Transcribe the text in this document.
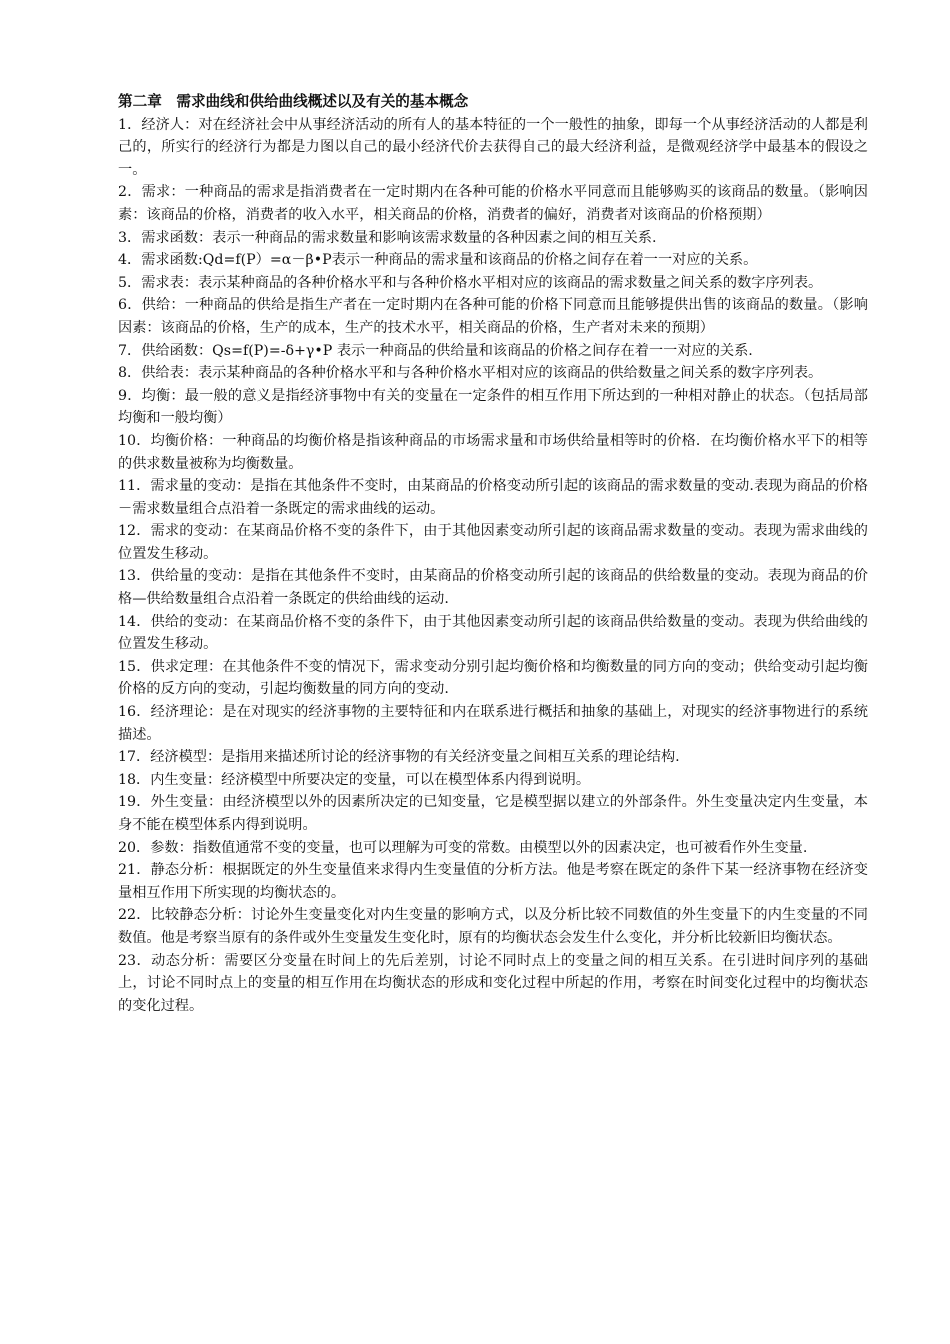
第二章　需求曲线和供给曲线概述以及有关的基本概念

1．经济人：对在经济社会中从事经济活动的所有人的基本特征的一个一般性的抽象，即每一个从事经济活动的人都是利己的，所实行的经济行为都是力图以自己的最小经济代价去获得自己的最大经济利益，是微观经济学中最基本的假设之一。

2．需求：一种商品的需求是指消费者在一定时期内在各种可能的价格水平同意而且能够购买的该商品的数量。（影响因素：该商品的价格，消费者的收入水平，相关商品的价格，消费者的偏好，消费者对该商品的价格预期）

3．需求函数：表示一种商品的需求数量和影响该需求数量的各种因素之间的相互关系.

4．需求函数:Qd=f(P）=α－β•P表示一种商品的需求量和该商品的价格之间存在着一一对应的关系。

5．需求表：表示某种商品的各种价格水平和与各种价格水平相对应的该商品的需求数量之间关系的数字序列表。

6．供给：一种商品的供给是指生产者在一定时期内在各种可能的价格下同意而且能够提供出售的该商品的数量。（影响因素：该商品的价格，生产的成本，生产的技术水平，相关商品的价格，生产者对未来的预期）

7．供给函数：Qs=f(P)=-δ+γ•P 表示一种商品的供给量和该商品的价格之间存在着一一对应的关系.

8．供给表：表示某种商品的各种价格水平和与各种价格水平相对应的该商品的供给数量之间关系的数字序列表。

9．均衡：最一般的意义是指经济事物中有关的变量在一定条件的相互作用下所达到的一种相对静止的状态。（包括局部均衡和一般均衡）

10．均衡价格：一种商品的均衡价格是指该种商品的市场需求量和市场供给量相等时的价格．在均衡价格水平下的相等的供求数量被称为均衡数量。

11．需求量的变动：是指在其他条件不变时，由某商品的价格变动所引起的该商品的需求数量的变动.表现为商品的价格－需求数量组合点沿着一条既定的需求曲线的运动。

12．需求的变动：在某商品价格不变的条件下，由于其他因素变动所引起的该商品需求数量的变动。表现为需求曲线的位置发生移动。

13．供给量的变动：是指在其他条件不变时，由某商品的价格变动所引起的该商品的供给数量的变动。表现为商品的价格—供给数量组合点沿着一条既定的供给曲线的运动.

14．供给的变动：在某商品价格不变的条件下，由于其他因素变动所引起的该商品供给数量的变动。表现为供给曲线的位置发生移动。

15．供求定理：在其他条件不变的情况下，需求变动分别引起均衡价格和均衡数量的同方向的变动；供给变动引起均衡价格的反方向的变动，引起均衡数量的同方向的变动.

16．经济理论：是在对现实的经济事物的主要特征和内在联系进行概括和抽象的基础上，对现实的经济事物进行的系统描述。

17．经济模型：是指用来描述所讨论的经济事物的有关经济变量之间相互关系的理论结构.

18．内生变量：经济模型中所要决定的变量，可以在模型体系内得到说明。

19．外生变量：由经济模型以外的因素所决定的已知变量，它是模型据以建立的外部条件。外生变量决定内生变量，本身不能在模型体系内得到说明。

20．参数：指数值通常不变的变量，也可以理解为可变的常数。由模型以外的因素决定，也可被看作外生变量.

21．静态分析：根据既定的外生变量值来求得内生变量值的分析方法。他是考察在既定的条件下某一经济事物在经济变量相互作用下所实现的均衡状态的。

22．比较静态分析：讨论外生变量变化对内生变量的影响方式，以及分析比较不同数值的外生变量下的内生变量的不同数值。他是考察当原有的条件或外生变量发生变化时，原有的均衡状态会发生什么变化，并分析比较新旧均衡状态。

23．动态分析：需要区分变量在时间上的先后差别，讨论不同时点上的变量之间的相互关系。在引进时间序列的基础上，讨论不同时点上的变量的相互作用在均衡状态的形成和变化过程中所起的作用，考察在时间变化过程中的均衡状态的变化过程。
